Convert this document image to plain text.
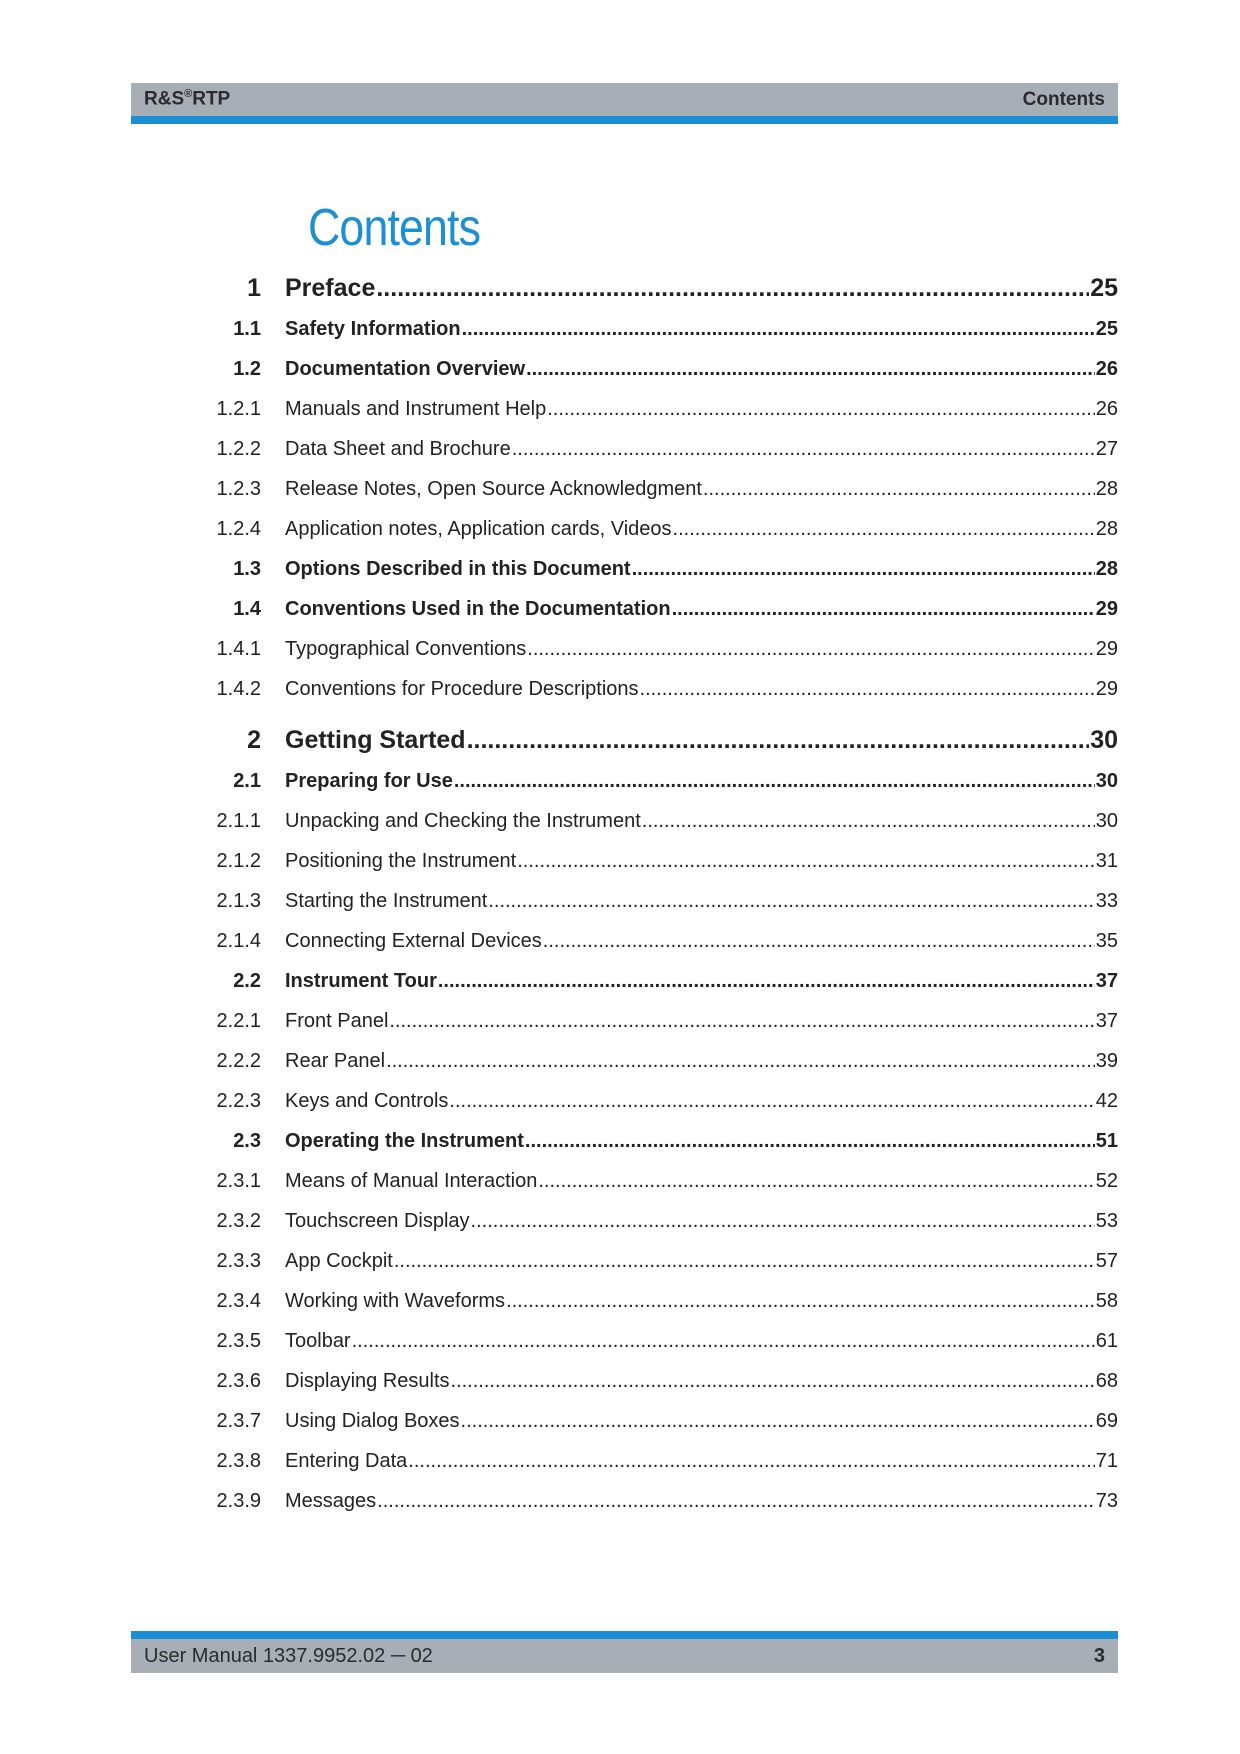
R&S®RTP	Contents
Contents
1 Preface .....	25
1.1	Safety Information .....	25
1.2	Documentation Overview .....	26
1.2.1	Manuals and Instrument Help .....	26
1.2.2	Data Sheet and Brochure .....	27
1.2.3	Release Notes, Open Source Acknowledgment .....	28
1.2.4	Application notes, Application cards, Videos .....	28
1.3	Options Described in this Document .....	28
1.4	Conventions Used in the Documentation .....	29
1.4.1	Typographical Conventions .....	29
1.4.2	Conventions for Procedure Descriptions .....	29
2 Getting Started .....	30
2.1	Preparing for Use .....	30
2.1.1	Unpacking and Checking the Instrument .....	30
2.1.2	Positioning the Instrument .....	31
2.1.3	Starting the Instrument .....	33
2.1.4	Connecting External Devices .....	35
2.2	Instrument Tour .....	37
2.2.1	Front Panel .....	37
2.2.2	Rear Panel .....	39
2.2.3	Keys and Controls .....	42
2.3	Operating the Instrument .....	51
2.3.1	Means of Manual Interaction .....	52
2.3.2	Touchscreen Display .....	53
2.3.3	App Cockpit .....	57
2.3.4	Working with Waveforms .....	58
2.3.5	Toolbar .....	61
2.3.6	Displaying Results .....	68
2.3.7	Using Dialog Boxes .....	69
2.3.8	Entering Data .....	71
2.3.9	Messages .....	73
User Manual 1337.9952.02 ─ 02	3
